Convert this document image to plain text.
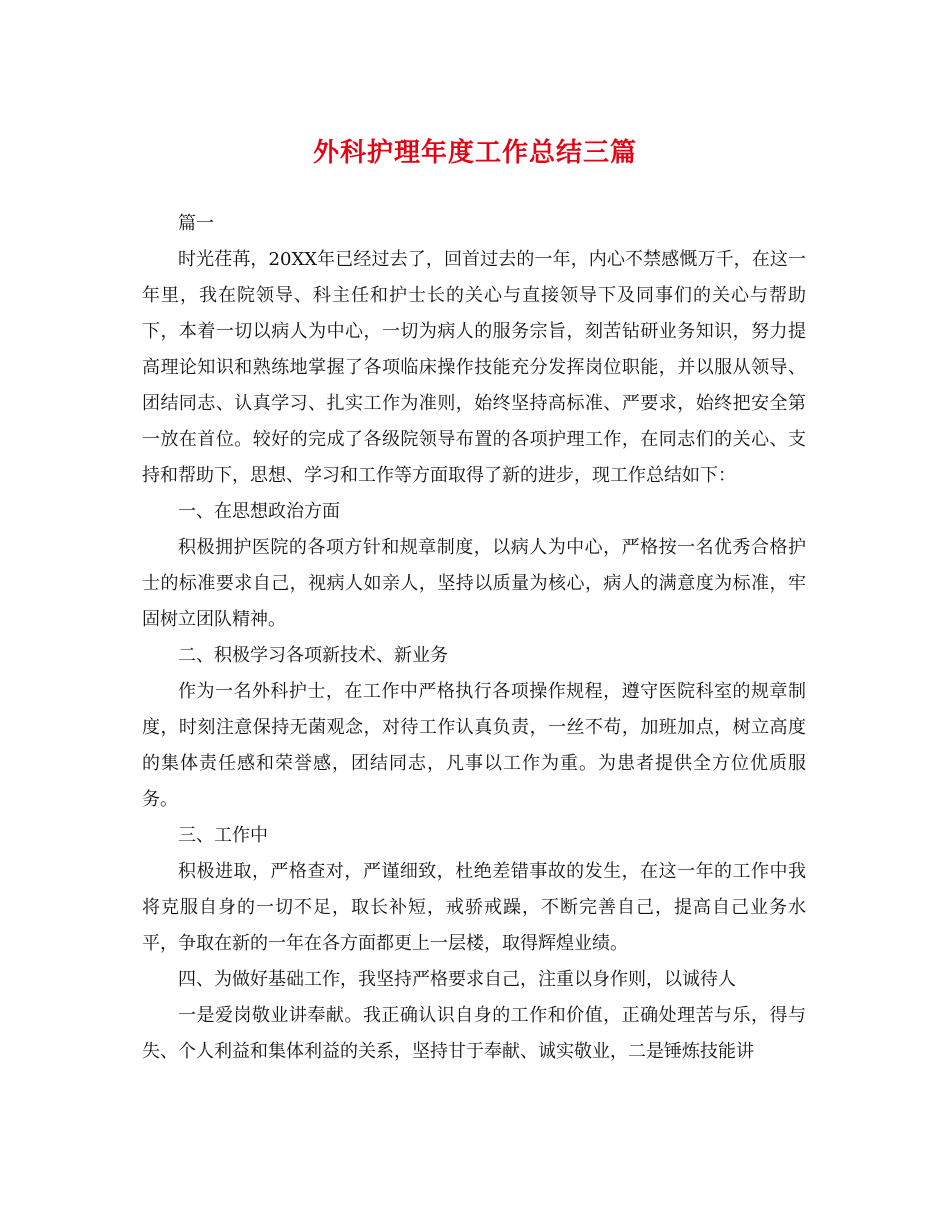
外科护理年度工作总结三篇

篇一

时光荏苒，20XX年已经过去了，回首过去的一年，内心不禁感慨万千，在这一年里，我在院领导、科主任和护士长的关心与直接领导下及同事们的关心与帮助下，本着一切以病人为中心，一切为病人的服务宗旨，刻苦钻研业务知识，努力提高理论知识和熟练地掌握了各项临床操作技能充分发挥岗位职能，并以服从领导、团结同志、认真学习、扎实工作为准则，始终坚持高标准、严要求，始终把安全第一放在首位。较好的完成了各级院领导布置的各项护理工作，在同志们的关心、支持和帮助下，思想、学习和工作等方面取得了新的进步，现工作总结如下：

一、在思想政治方面

积极拥护医院的各项方针和规章制度，以病人为中心，严格按一名优秀合格护士的标准要求自己，视病人如亲人，坚持以质量为核心，病人的满意度为标准，牢固树立团队精神。

二、积极学习各项新技术、新业务

作为一名外科护士，在工作中严格执行各项操作规程，遵守医院科室的规章制度，时刻注意保持无菌观念，对待工作认真负责，一丝不苟，加班加点，树立高度的集体责任感和荣誉感，团结同志，凡事以工作为重。为患者提供全方位优质服务。

三、工作中

积极进取，严格查对，严谨细致，杜绝差错事故的发生，在这一年的工作中我将克服自身的一切不足，取长补短，戒骄戒躁，不断完善自己，提高自己业务水平，争取在新的一年在各方面都更上一层楼，取得辉煌业绩。

四、为做好基础工作，我坚持严格要求自己，注重以身作则，以诚待人

一是爱岗敬业讲奉献。我正确认识自身的工作和价值，正确处理苦与乐，得与失、个人利益和集体利益的关系，坚持甘于奉献、诚实敬业，二是锤炼技能讲
